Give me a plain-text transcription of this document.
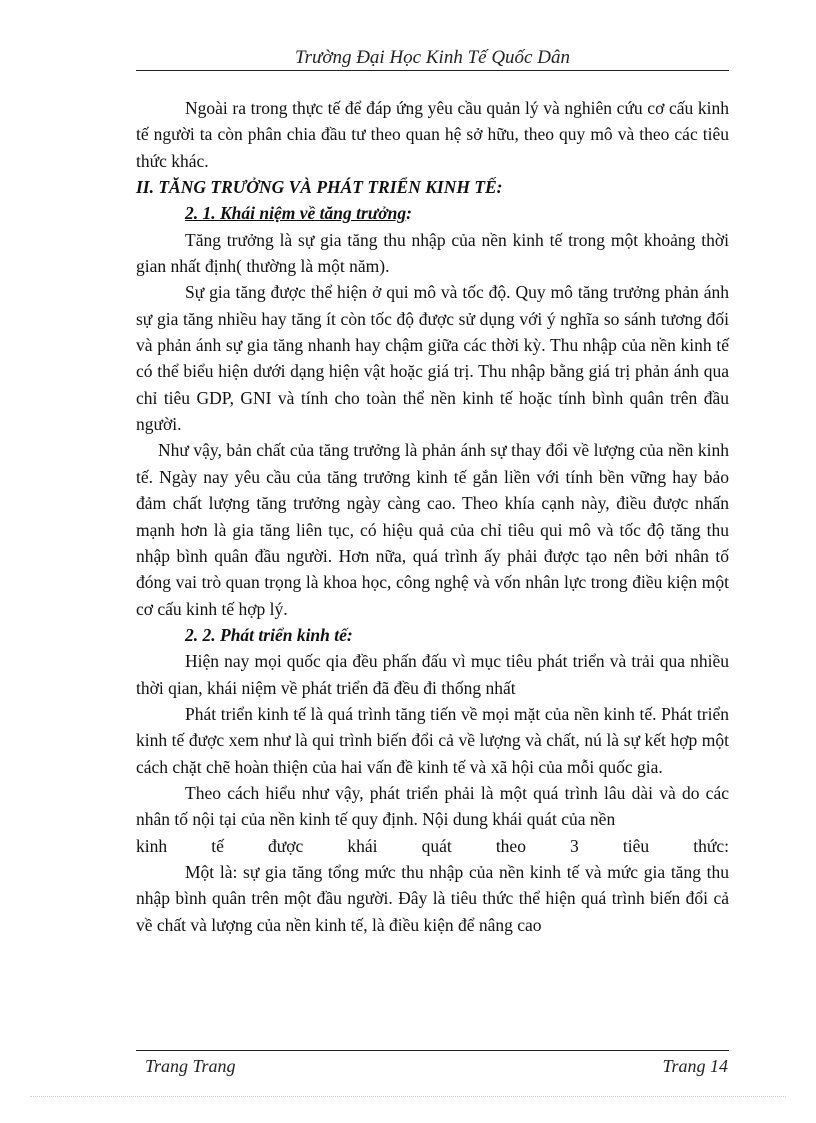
Trường Đại Học Kinh Tế Quốc Dân

Ngoài ra trong thực tế để đáp ứng yêu cầu quản lý và nghiên cứu cơ cấu kinh tế người ta còn phân chia đầu tư theo quan hệ sở hữu, theo quy mô và theo các tiêu thức khác.

II. TĂNG TRƯỞNG VÀ PHÁT TRIỂN KINH TẾ:

2. 1. Khái niệm về tăng trưởng:

Tăng trưởng là sự gia tăng thu nhập của nền kinh tế trong một khoảng thời gian nhất định( thường là một năm).

Sự gia tăng được thể hiện ở qui mô và tốc độ. Quy mô tăng trưởng phản ánh sự gia tăng nhiều hay tăng ít còn tốc độ được sử dụng với ý nghĩa so sánh tương đối và phản ánh sự gia tăng nhanh hay chậm giữa các thời kỳ. Thu nhập của nền kinh tế có thể biểu hiện dưới dạng hiện vật hoặc giá trị. Thu nhập bằng giá trị phản ánh qua chỉ tiêu GDP, GNI và tính cho toàn thể nền kinh tế hoặc tính bình quân trên đầu người.

Như vậy, bản chất của tăng trưởng là phản ánh sự thay đổi về lượng của nền kinh tế. Ngày nay yêu cầu của tăng trưởng kinh tế gắn liền với tính bền vững hay bảo đảm chất lượng tăng trưởng ngày càng cao. Theo khía cạnh này, điều được nhấn mạnh hơn là gia tăng liên tục, có hiệu quả của chỉ tiêu qui mô và tốc độ tăng thu nhập bình quân đầu người. Hơn nữa, quá trình ấy phải được tạo nên bởi nhân tố đóng vai trò quan trọng là khoa học, công nghệ và vốn nhân lực trong điều kiện một cơ cấu kinh tế hợp lý.

2. 2. Phát triển kinh tế:

Hiện nay mọi quốc qia đều phấn đấu vì mục tiêu phát triển và trải qua nhiều thời qian, khái niệm về phát triển đã đều đi thống nhất

Phát triển kinh tế là quá trình tăng tiến về mọi mặt của nền kinh tế. Phát triển kinh tế được xem như là qui trình biến đổi cả về lượng và chất, nú là sự kết hợp một cách chặt chẽ hoàn thiện của hai vấn đề kinh tế và xã hội của mỗi quốc gia.

Theo cách hiểu như vậy, phát triển phải là một quá trình lâu dài và do các nhân tố nội tại của nền kinh tế quy định. Nội dung khái quát của nền

kinh tế được khái quát theo 3 tiêu thức:

Một là: sự gia tăng tổng mức thu nhập của nền kinh tế và mức gia tăng thu nhập bình quân trên một đầu người. Đây là tiêu thức thể hiện quá trình biến đổi cả về chất và lượng của nền kinh tế, là điều kiện để nâng cao

Trang Trang	Trang 14
